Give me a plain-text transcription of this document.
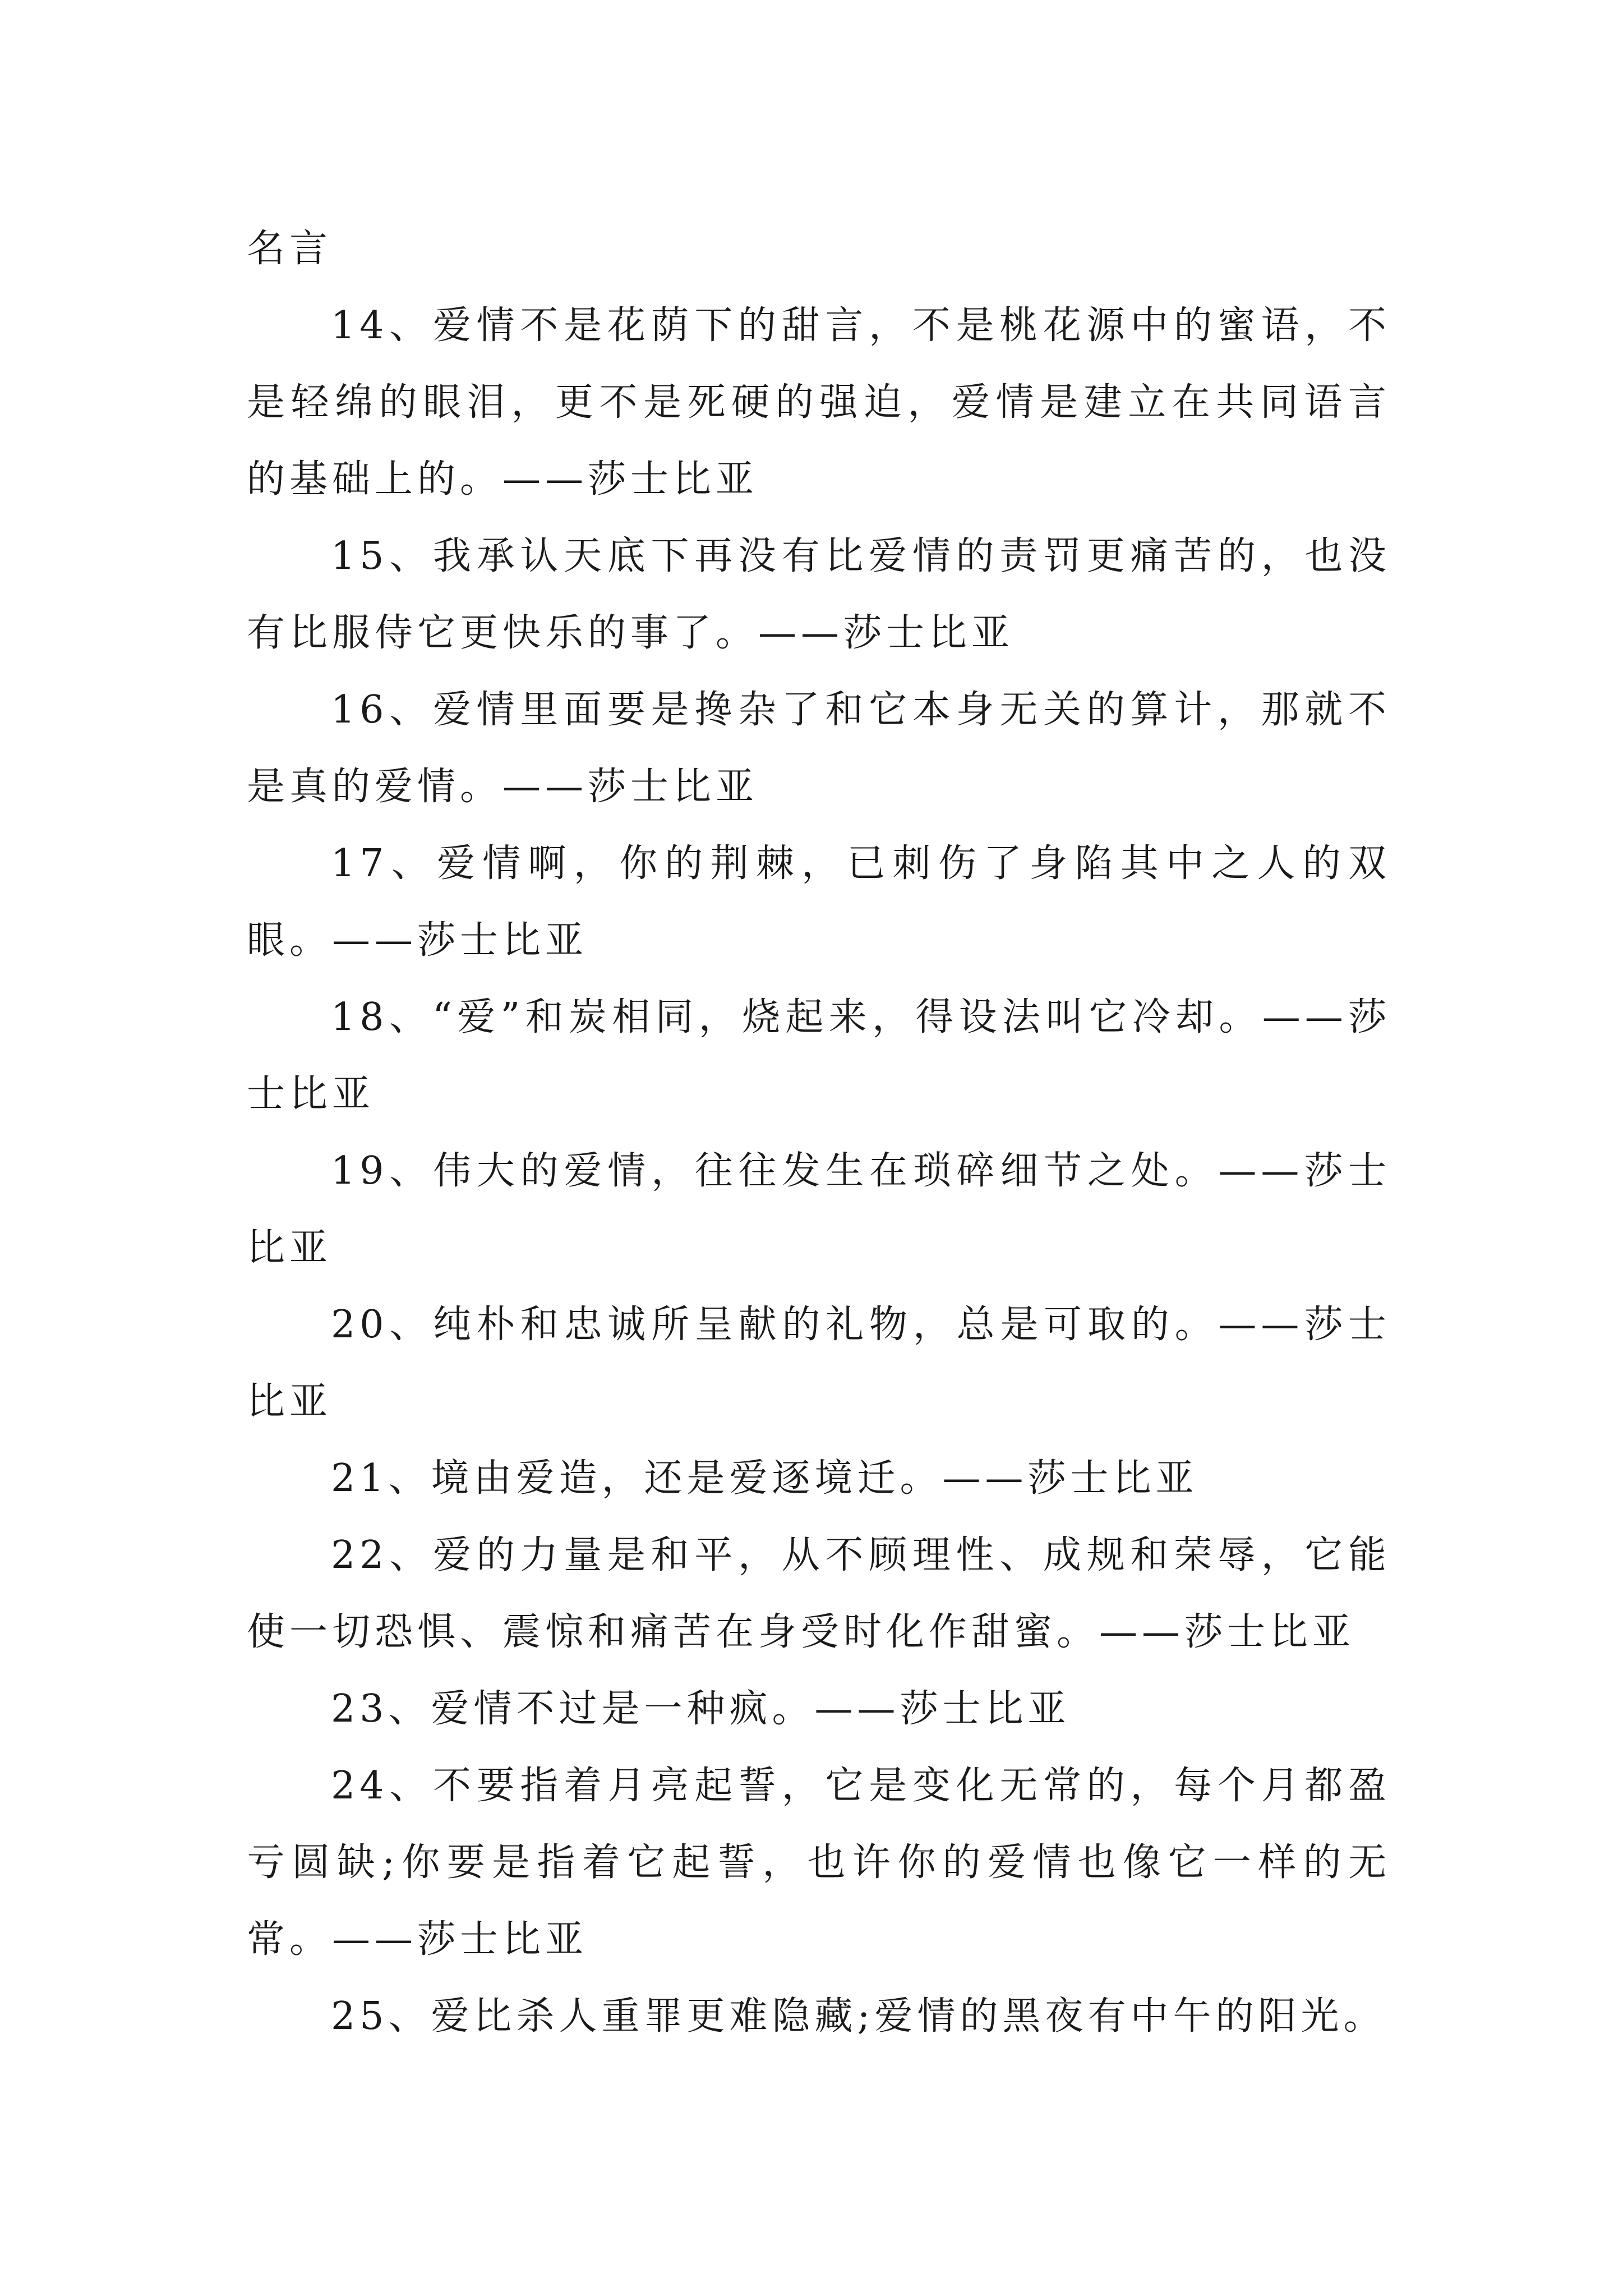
名言

14、爱情不是花荫下的甜言，不是桃花源中的蜜语，不是轻绵的眼泪，更不是死硬的强迫，爱情是建立在共同语言的基础上的。——莎士比亚

15、我承认天底下再没有比爱情的责罚更痛苦的，也没有比服侍它更快乐的事了。——莎士比亚

16、爱情里面要是搀杂了和它本身无关的算计，那就不是真的爱情。——莎士比亚

17、爱情啊，你的荆棘，已刺伤了身陷其中之人的双眼。——莎士比亚

18、“爱”和炭相同，烧起来，得设法叫它冷却。——莎士比亚

19、伟大的爱情，往往发生在琐碎细节之处。——莎士比亚

20、纯朴和忠诚所呈献的礼物，总是可取的。——莎士比亚

21、境由爱造，还是爱逐境迁。——莎士比亚

22、爱的力量是和平，从不顾理性、成规和荣辱，它能使一切恐惧、震惊和痛苦在身受时化作甜蜜。——莎士比亚

23、爱情不过是一种疯。——莎士比亚

24、不要指着月亮起誓，它是变化无常的，每个月都盈亏圆缺;你要是指着它起誓，也许你的爱情也像它一样的无常。——莎士比亚

25、爱比杀人重罪更难隐藏;爱情的黑夜有中午的阳光。
